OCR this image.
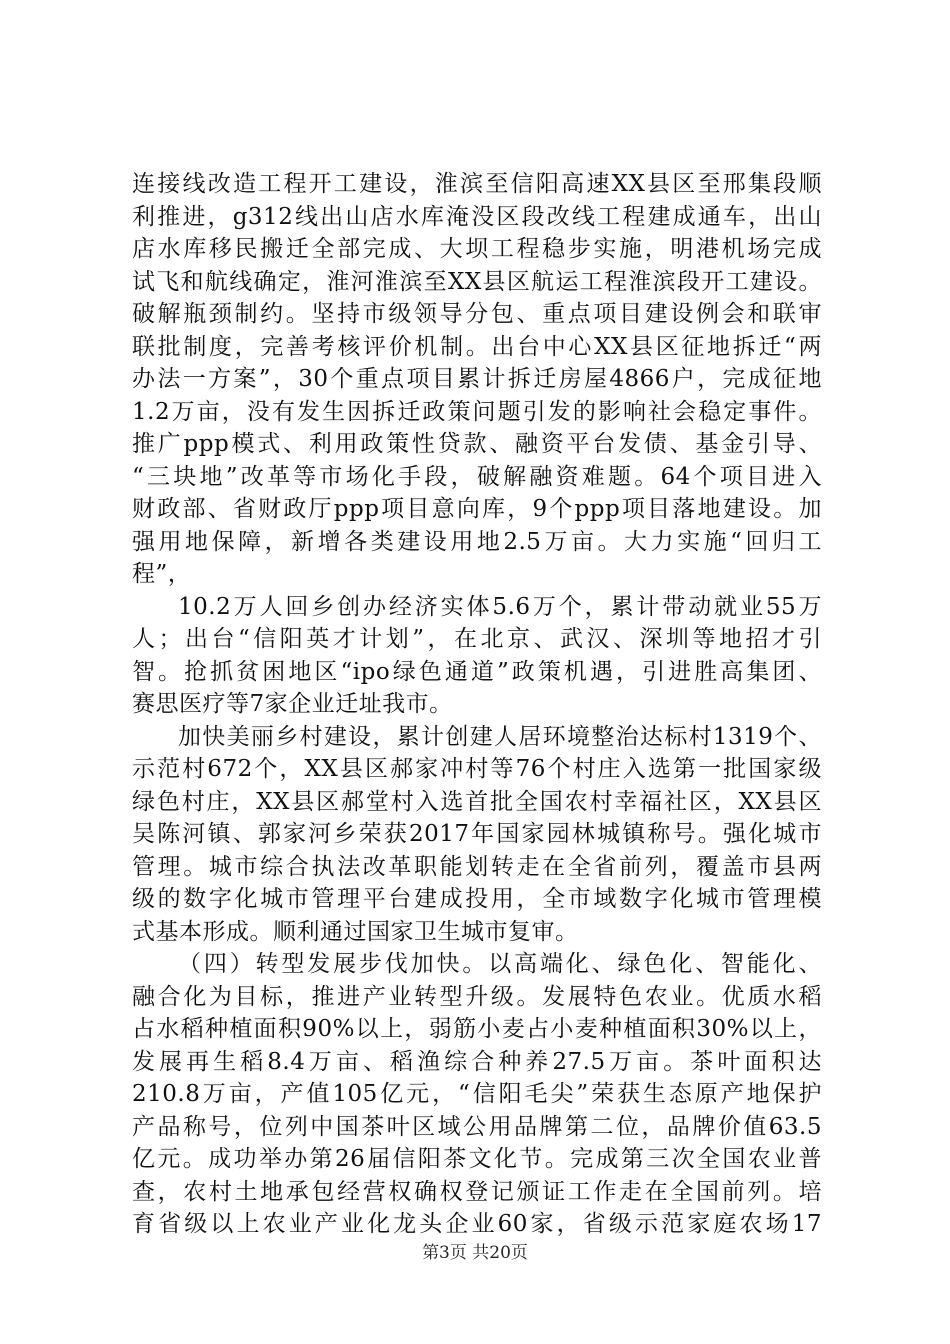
连接线改造工程开工建设，淮滨至信阳高速XX县区至邢集段顺
利推进，g312线出山店水库淹没区段改线工程建成通车，出山
店水库移民搬迁全部完成、大坝工程稳步实施，明港机场完成
试飞和航线确定，淮河淮滨至XX县区航运工程淮滨段开工建设。
破解瓶颈制约。坚持市级领导分包、重点项目建设例会和联审
联批制度，完善考核评价机制。出台中心XX县区征地拆迁“两
办法一方案”，30个重点项目累计拆迁房屋4866户，完成征地
1.2万亩，没有发生因拆迁政策问题引发的影响社会稳定事件。
推广ppp模式、利用政策性贷款、融资平台发债、基金引导、
“三块地”改革等市场化手段，破解融资难题。64个项目进入
财政部、省财政厅ppp项目意向库，9个ppp项目落地建设。加
强用地保障，新增各类建设用地2.5万亩。大力实施“回归工
程”，
10.2万人回乡创办经济实体5.6万个，累计带动就业55万
人；出台“信阳英才计划”，在北京、武汉、深圳等地招才引
智。抢抓贫困地区“ipo绿色通道”政策机遇，引进胜高集团、
赛思医疗等7家企业迁址我市。
加快美丽乡村建设，累计创建人居环境整治达标村1319个、
示范村672个，XX县区郝家冲村等76个村庄入选第一批国家级
绿色村庄，XX县区郝堂村入选首批全国农村幸福社区，XX县区
吴陈河镇、郭家河乡荣获2017年国家园林城镇称号。强化城市
管理。城市综合执法改革职能划转走在全省前列，覆盖市县两
级的数字化城市管理平台建成投用，全市域数字化城市管理模
式基本形成。顺利通过国家卫生城市复审。
（四）转型发展步伐加快。以高端化、绿色化、智能化、
融合化为目标，推进产业转型升级。发展特色农业。优质水稻
占水稻种植面积90%以上，弱筋小麦占小麦种植面积30%以上，
发展再生稻8.4万亩、稻渔综合种养27.5万亩。茶叶面积达
210.8万亩，产值105亿元，“信阳毛尖”荣获生态原产地保护
产品称号，位列中国茶叶区域公用品牌第二位，品牌价值63.5
亿元。成功举办第26届信阳茶文化节。完成第三次全国农业普
查，农村土地承包经营权确权登记颁证工作走在全国前列。培
育省级以上农业产业化龙头企业60家，省级示范家庭农场17
第3页 共20页
